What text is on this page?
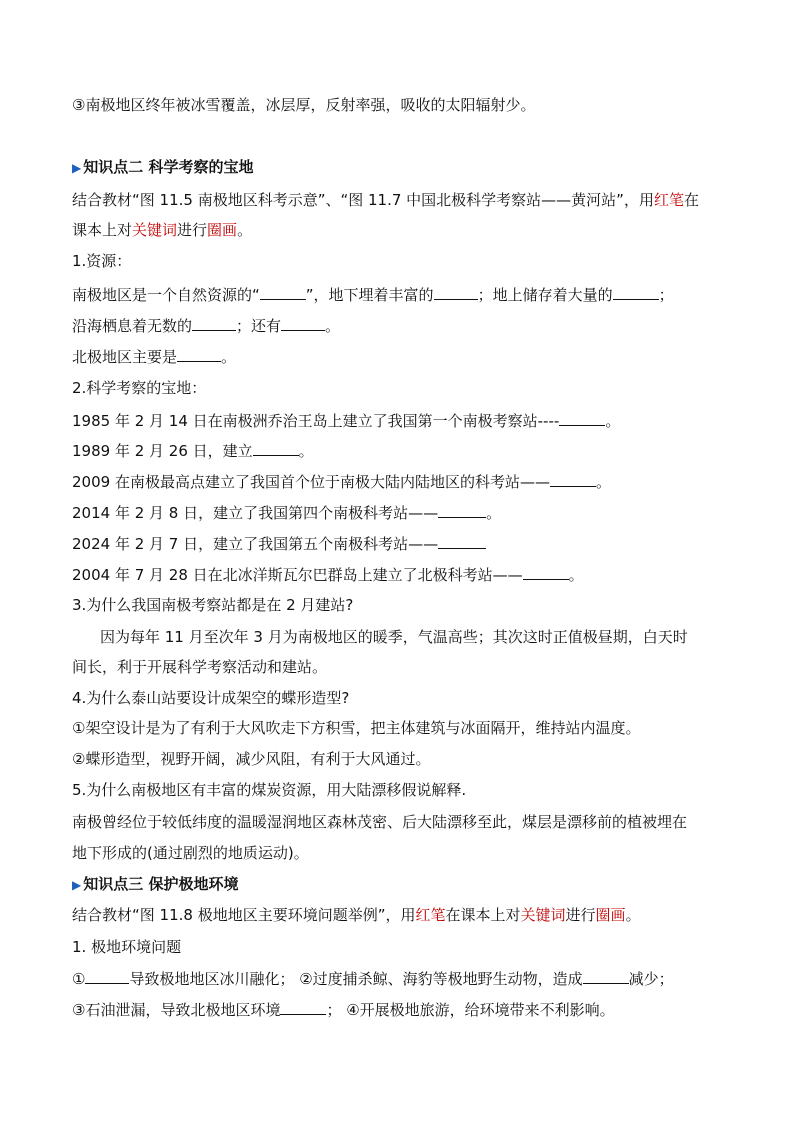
③南极地区终年被冰雪覆盖，冰层厚，反射率强，吸收的太阳辐射少。
▶ 知识点二 科学考察的宝地
结合教材“图 11.5 南极地区科考示意”、“图 11.7 中国北极科学考察站——黄河站”，用红笔在
课本上对关键词进行圈画。
1.资源：
南极地区是一个自然资源的“	”，地下埋着丰富的	；地上储存着大量的	；
沿海栖息着无数的	；还有	。
北极地区主要是	。
2.科学考察的宝地：
1985 年 2 月 14 日在南极洲乔治王岛上建立了我国第一个南极考察站----	。
1989 年 2 月 26 日，建立	。
2009 在南极最高点建立了我国首个位于南极大陆内陆地区的科考站——	。
2014 年 2 月 8 日，建立了我国第四个南极科考站——	。
2024 年 2 月 7 日，建立了我国第五个南极科考站——
2004 年 7 月 28 日在北冰洋斯瓦尔巴群岛上建立了北极科考站——	。
3.为什么我国南极考察站都是在 2 月建站?
因为每年 11 月至次年 3 月为南极地区的暖季，气温高些；其次这时正值极昼期，白天时
间长，利于开展科学考察活动和建站。
4.为什么泰山站要设计成架空的蝶形造型?
①架空设计是为了有利于大风吹走下方积雪，把主体建筑与冰面隔开，维持站内温度。
②蝶形造型，视野开阔，减少风阻，有利于大风通过。
5.为什么南极地区有丰富的煤炭资源，用大陆漂移假说解释.
南极曾经位于较低纬度的温暖湿润地区森林茂密、后大陆漂移至此，煤层是漂移前的植被埋在
地下形成的(通过剧烈的地质运动)。
▶ 知识点三 保护极地环境
结合教材“图 11.8 极地地区主要环境问题举例”，用红笔在课本上对关键词进行圈画。
1. 极地环境问题
①	导致极地地区冰川融化； ②过度捕杀鲸、海豹等极地野生动物，造成	减少；
③石油泄漏，导致北极地区环境	； ④开展极地旅游，给环境带来不利影响。
